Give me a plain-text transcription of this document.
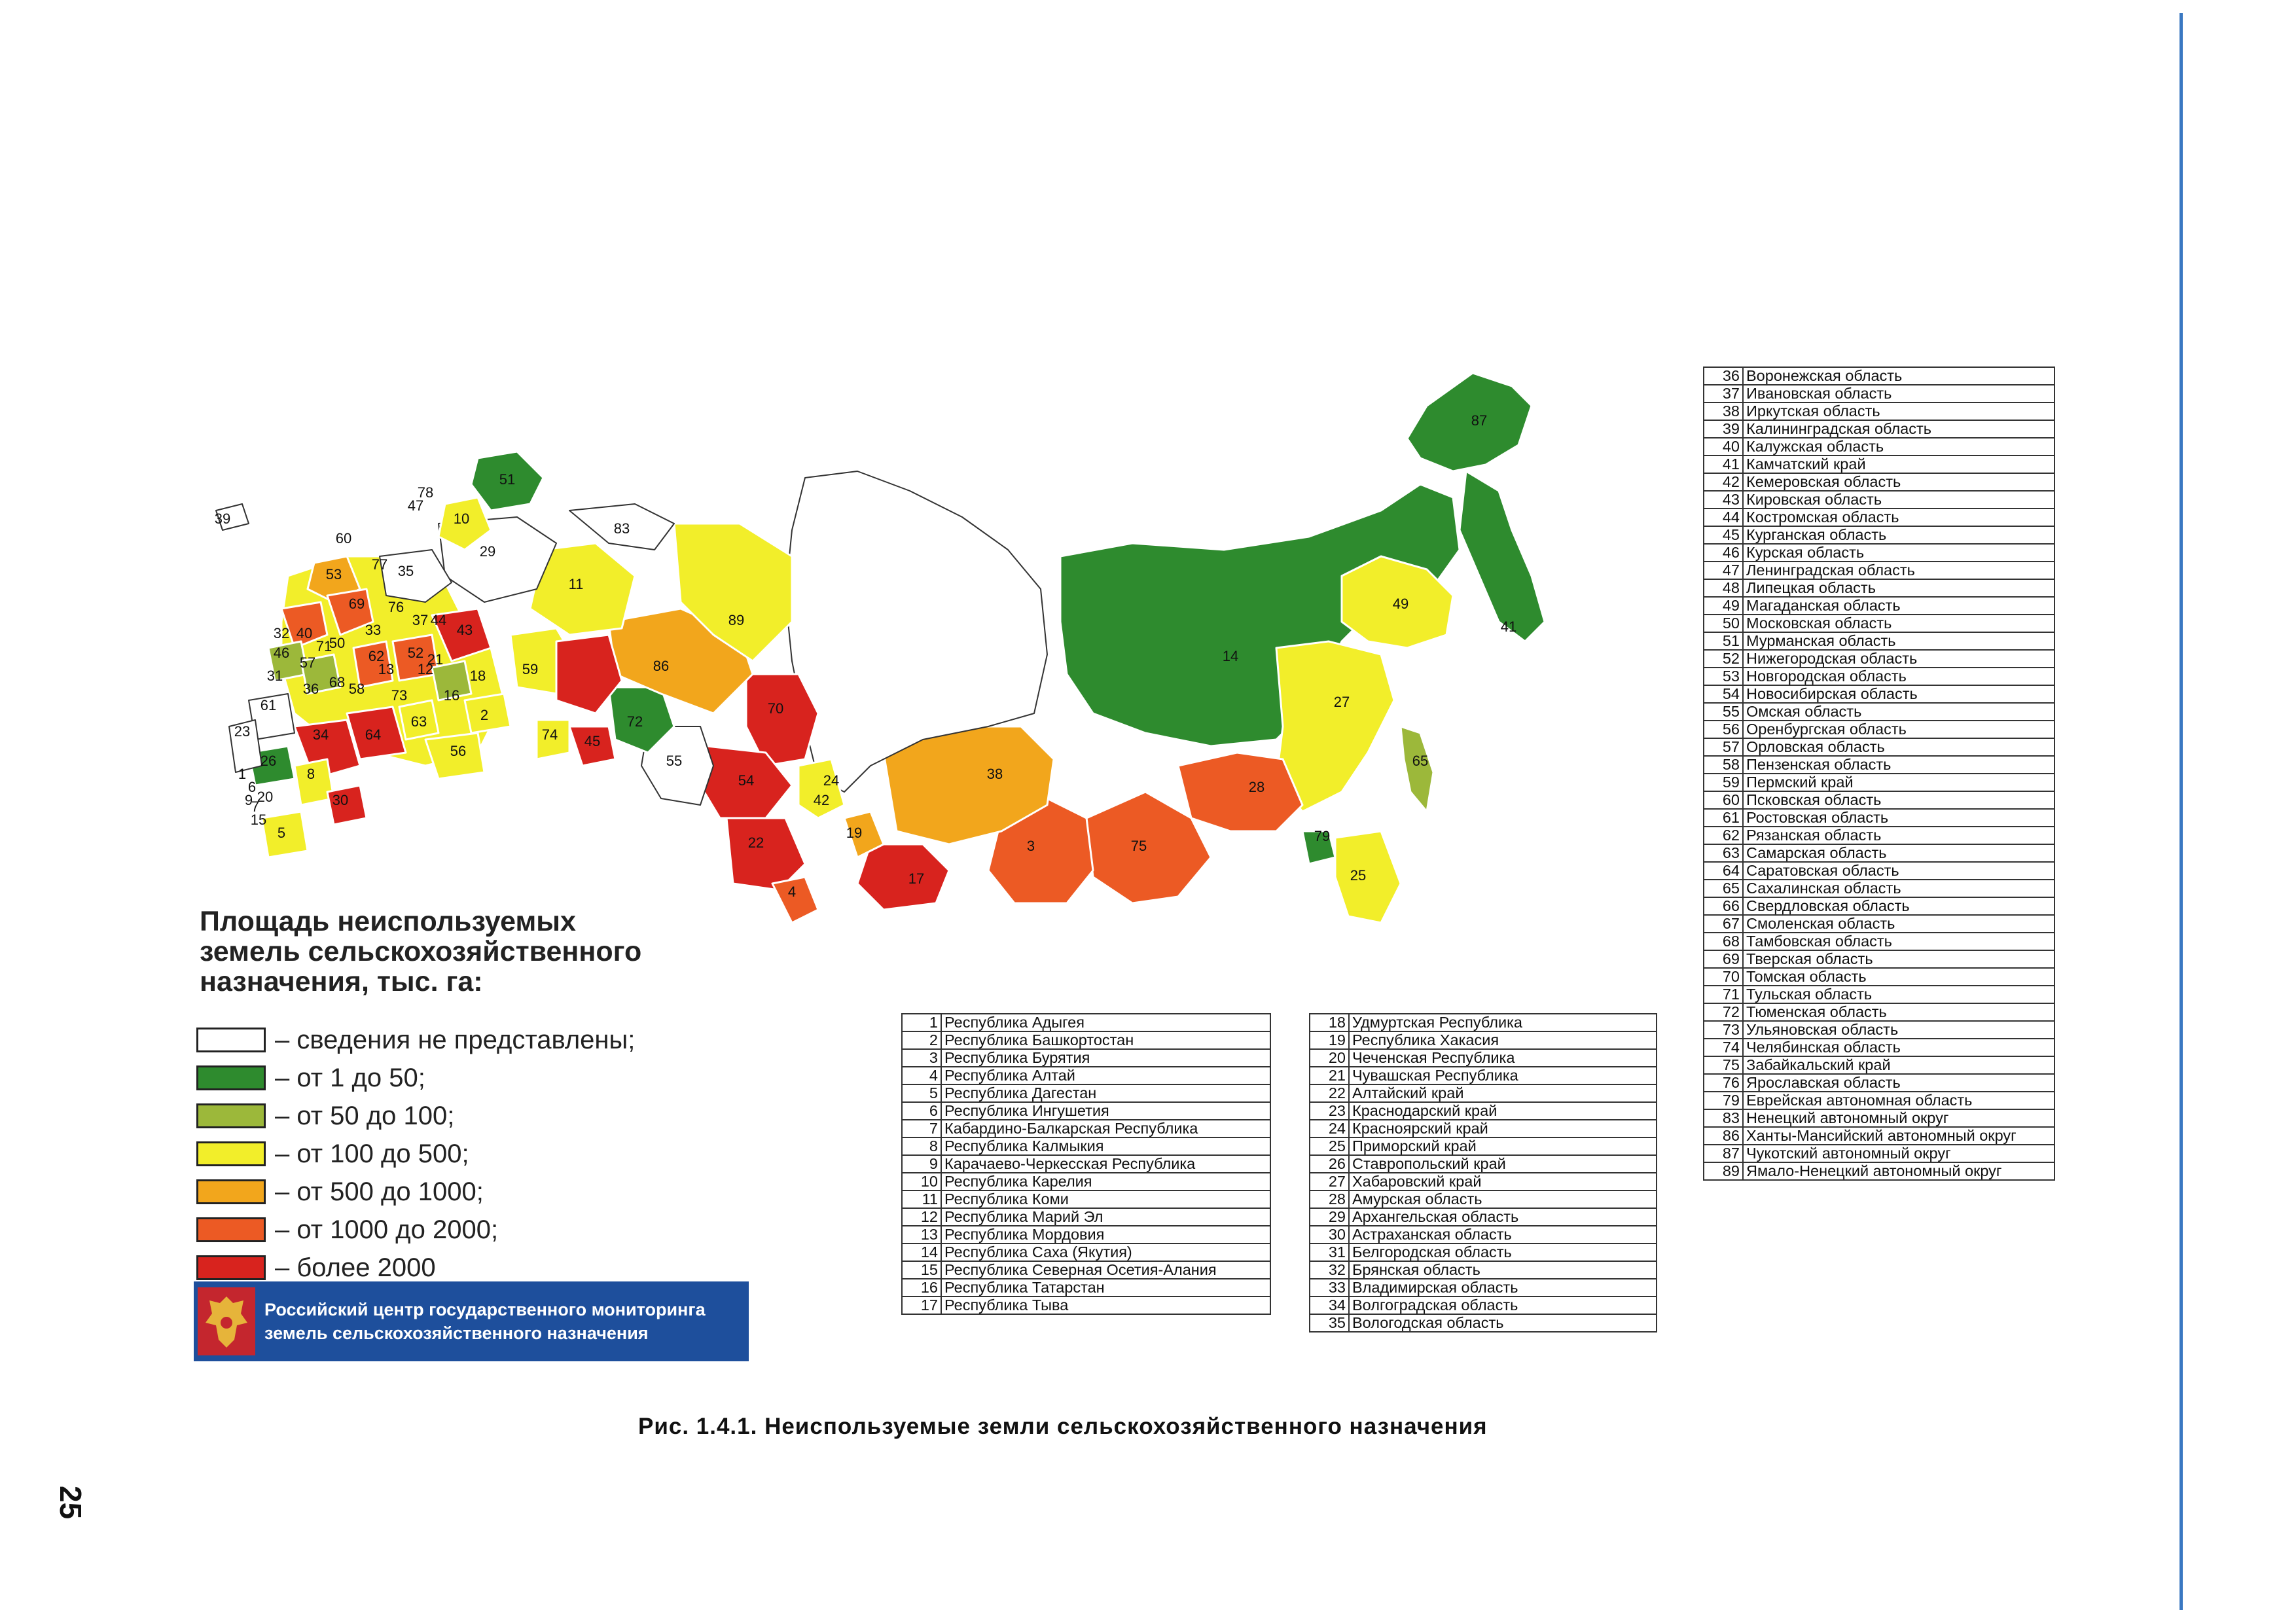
39
51
78
47
10
60
53
87
83
29
35
11
69 76
37 44
32 40
71
50
33
46	62 52 21
43
57	13	18
31
36 68 58 73	16
59
89
86
14
49
41
27
65
23
61
34	64
63
56
2
30
74
26
8
72
55
6
20
9
15
5
22
42
4
19
3
38
75
28
17
24
79
25
12
1
7
45
54
70
77
Площадь неиспользуемых
земель сельскохозяйственного
назначения, тыс. га:
– сведения не представлены;
– от 1 до 50;
– от 50 до 100;
– от 100 до 500;
– от 500 до 1000;
– от 1000 до 2000;
– более 2000
Российский центр государственного мониторинга
земель сельскохозяйственного назначения
1	Республика Адыгея
2	Республика Башкортостан
3	Республика Бурятия
4	Республика Алтай
5	Республика Дагестан
6	Республика Ингушетия
7	Кабардино-Балкарская Республика
8	Республика Калмыкия
9	Карачаево-Черкесская Республика
10	Республика Карелия
11	Республика Коми
12	Республика Марий Эл
13	Республика Мордовия
14	Республика Саха (Якутия)
15	Республика Северная Осетия-Алания
16	Республика Татарстан
17	Республика Тыва
18	Удмуртская Республика
19	Республика Хакасия
20	Чеченская Республика
21	Чувашская Республика
22	Алтайский край
23	Краснодарский край
24	Красноярский край
25	Приморский край
26	Ставропольский край
27	Хабаровский край
28	Амурская область
29	Архангельская область
30	Астраханская область
31	Белгородская область
32	Брянская область
33	Владимирская область
34	Волгоградская область
35	Вологодская область
36	Воронежская область
37	Ивановская область
38	Иркутская область
39	Калининградская область
40	Калужская область
41	Камчатский край
42	Кемеровская область
43	Кировская область
44	Костромская область
45	Курганская область
46	Курская область
47	Ленинградская область
48	Липецкая область
49	Магаданская область
50	Московская область
51	Мурманская область
52	Нижегородская область
53	Новгородская область
54	Новосибирская область
55	Омская область
56	Оренбургская область
57	Орловская область
58	Пензенская область
59	Пермский край
60	Псковская область
61	Ростовская область
62	Рязанская область
63	Самарская область
64	Саратовская область
65	Сахалинская область
66	Свердловская область
67	Смоленская область
68	Тамбовская область
69	Тверская область
70	Томская область
71	Тульская область
72	Тюменская область
73	Ульяновская область
74	Челябинская область
75	Забайкальский край
76	Ярославская область
79	Еврейская автономная область
83	Ненецкий автономный округ
86	Ханты-Мансийский автономный округ
87	Чукотский автономный округ
89	Ямало-Ненецкий автономный округ
Рис. 1.4.1. Неиспользуемые земли сельскохозяйственного назначения
25
